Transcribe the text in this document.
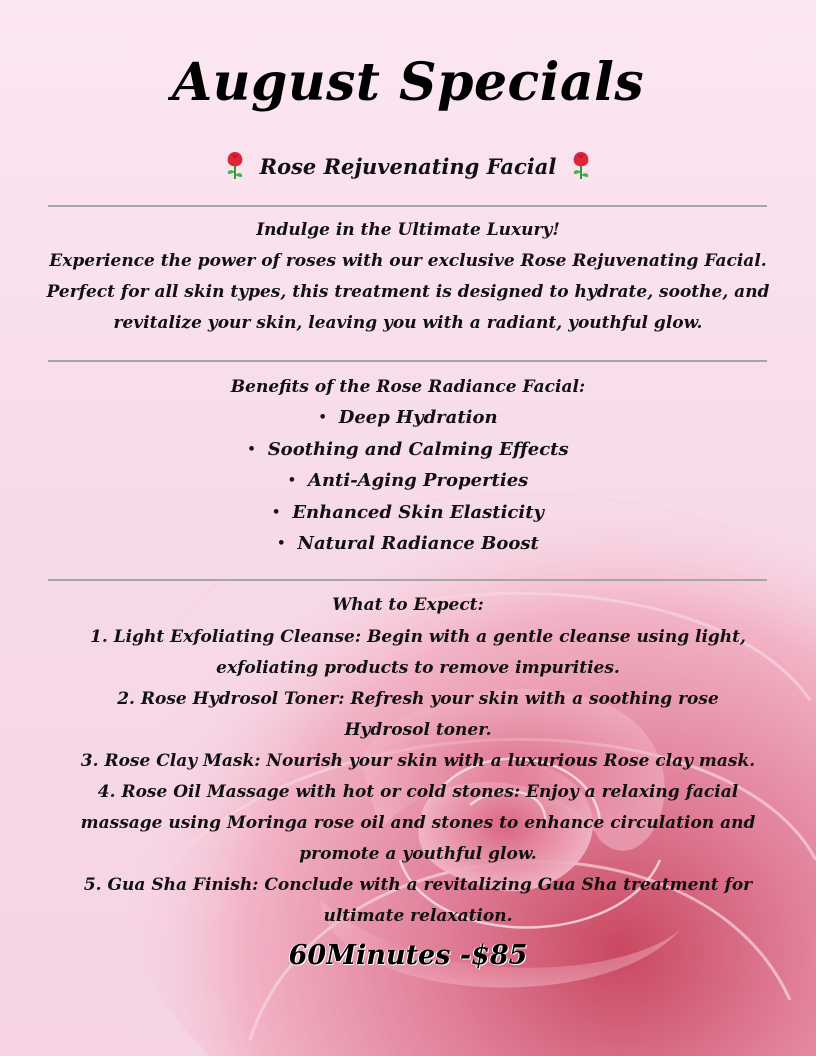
August Specials
Rose Rejuvenating Facial
Indulge in the Ultimate Luxury!
Experience the power of roses with our exclusive Rose Rejuvenating Facial.
Perfect for all skin types, this treatment is designed to hydrate, soothe, and
revitalize your skin, leaving you with a radiant, youthful glow.
Benefits of the Rose Radiance Facial:
• Deep Hydration
• Soothing and Calming Effects
• Anti-Aging Properties
• Enhanced Skin Elasticity
• Natural Radiance Boost
What to Expect:
1. Light Exfoliating Cleanse: Begin with a gentle cleanse using light, exfoliating products to remove impurities.
2. Rose Hydrosol Toner: Refresh your skin with a soothing rose Hydrosol toner.
3. Rose Clay Mask: Nourish your skin with a luxurious Rose clay mask.
4. Rose Oil Massage with hot or cold stones: Enjoy a relaxing facial massage using Moringa rose oil and stones to enhance circulation and promote a youthful glow.
5. Gua Sha Finish: Conclude with a revitalizing Gua Sha treatment for ultimate relaxation.
60Minutes -$85
